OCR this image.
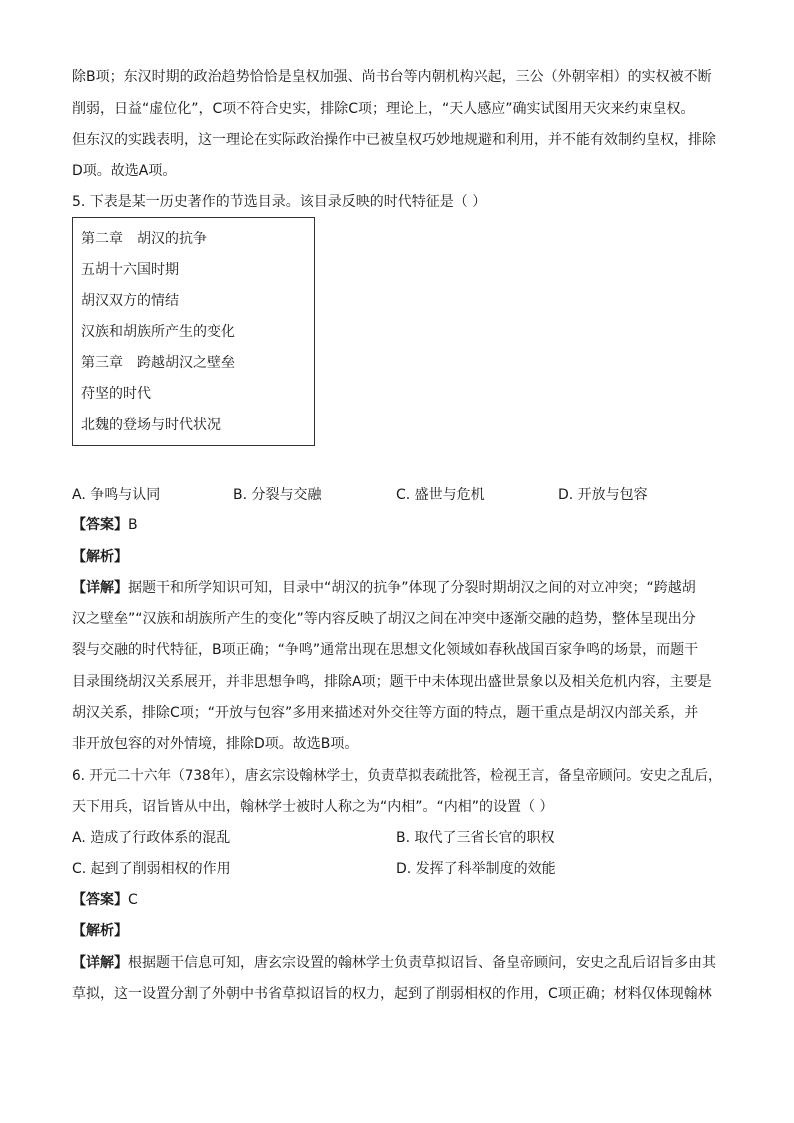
除B项；东汉时期的政治趋势恰恰是皇权加强、尚书台等内朝机构兴起，三公（外朝宰相）的实权被不断
削弱，日益“虚位化”，C项不符合史实，排除C项；理论上，“天人感应”确实试图用天灾来约束皇权。
但东汉的实践表明，这一理论在实际政治操作中已被皇权巧妙地规避和利用，并不能有效制约皇权，排除
D项。故选A项。
5. 下表是某一历史著作的节选目录。该目录反映的时代特征是（ ）
第二章　胡汉的抗争
五胡十六国时期
胡汉双方的情结
汉族和胡族所产生的变化
第三章　跨越胡汉之壁垒
苻坚的时代
北魏的登场与时代状况
A. 争鸣与认同	B. 分裂与交融	C. 盛世与危机	D. 开放与包容
【答案】B
【解析】
【详解】据题干和所学知识可知，目录中“胡汉的抗争”体现了分裂时期胡汉之间的对立冲突；“跨越胡
汉之壁垒”“汉族和胡族所产生的变化”等内容反映了胡汉之间在冲突中逐渐交融的趋势，整体呈现出分
裂与交融的时代特征，B项正确；“争鸣”通常出现在思想文化领域如春秋战国百家争鸣的场景，而题干
目录围绕胡汉关系展开，并非思想争鸣，排除A项；题干中未体现出盛世景象以及相关危机内容，主要是
胡汉关系，排除C项；“开放与包容”多用来描述对外交往等方面的特点，题干重点是胡汉内部关系，并
非开放包容的对外情境，排除D项。故选B项。
6. 开元二十六年（738年），唐玄宗设翰林学士，负责草拟表疏批答，检视王言，备皇帝顾问。安史之乱后，
天下用兵，诏旨皆从中出，翰林学士被时人称之为“内相”。“内相”的设置（ ）
A. 造成了行政体系的混乱	B. 取代了三省长官的职权
C. 起到了削弱相权的作用	D. 发挥了科举制度的效能
【答案】C
【解析】
【详解】根据题干信息可知，唐玄宗设置的翰林学士负责草拟诏旨、备皇帝顾问，安史之乱后诏旨多由其
草拟，这一设置分割了外朝中书省草拟诏旨的权力，起到了削弱相权的作用，C项正确；材料仅体现翰林
